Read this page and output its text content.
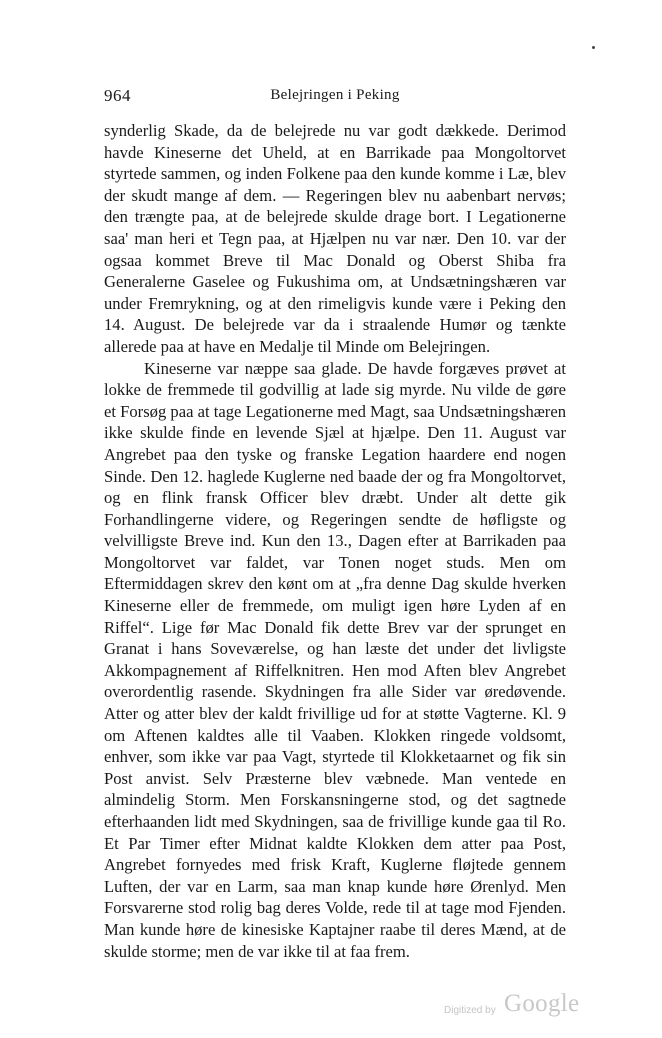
964	Belejringen i Peking

synderlig Skade, da de belejrede nu var godt dækkede. Derimod havde Kineserne det Uheld, at en Barrikade paa Mongoltorvet styrtede sammen, og inden Folkene paa den kunde komme i Læ, blev der skudt mange af dem. — Regeringen blev nu aabenbart nervøs; den trængte paa, at de belejrede skulde drage bort. I Legationerne saa' man heri et Tegn paa, at Hjælpen nu var nær. Den 10. var der ogsaa kommet Breve til Mac Donald og Oberst Shiba fra Generalerne Gaselee og Fukushima om, at Undsætningshæren var under Fremrykning, og at den rimeligvis kunde være i Peking den 14. August. De belejrede var da i straalende Humør og tænkte allerede paa at have en Medalje til Minde om Belejringen.

Kineserne var næppe saa glade. De havde forgæves prøvet at lokke de fremmede til godvillig at lade sig myrde. Nu vilde de gøre et Forsøg paa at tage Legationerne med Magt, saa Undsætningshæren ikke skulde finde en levende Sjæl at hjælpe. Den 11. August var Angrebet paa den tyske og franske Legation haardere end nogen Sinde. Den 12. haglede Kuglerne ned baade der og fra Mongoltorvet, og en flink fransk Officer blev dræbt. Under alt dette gik Forhandlingerne videre, og Regeringen sendte de høfligste og velvilligste Breve ind. Kun den 13., Dagen efter at Barrikaden paa Mongoltorvet var faldet, var Tonen noget studs. Men om Eftermiddagen skrev den kønt om at „fra denne Dag skulde hverken Kineserne eller de fremmede, om muligt igen høre Lyden af en Riffel“. Lige før Mac Donald fik dette Brev var der sprunget en Granat i hans Soveværelse, og han læste det under det livligste Akkompagnement af Riffelknitren. Hen mod Aften blev Angrebet overordentlig rasende. Skydningen fra alle Sider var øredøvende. Atter og atter blev der kaldt frivillige ud for at støtte Vagterne. Kl. 9 om Aftenen kaldtes alle til Vaaben. Klokken ringede voldsomt, enhver, som ikke var paa Vagt, styrtede til Klokketaarnet og fik sin Post anvist. Selv Præsterne blev væbnede. Man ventede en almindelig Storm. Men Forskansningerne stod, og det sagtnede efterhaanden lidt med Skydningen, saa de frivillige kunde gaa til Ro. Et Par Timer efter Midnat kaldte Klokken dem atter paa Post, Angrebet fornyedes med frisk Kraft, Kuglerne fløjtede gennem Luften, der var en Larm, saa man knap kunde høre Ørenlyd. Men Forsvarerne stod rolig bag deres Volde, rede til at tage mod Fjenden. Man kunde høre de kinesiske Kaptajner raabe til deres Mænd, at de skulde storme; men de var ikke til at faa frem.

Digitized by Google
